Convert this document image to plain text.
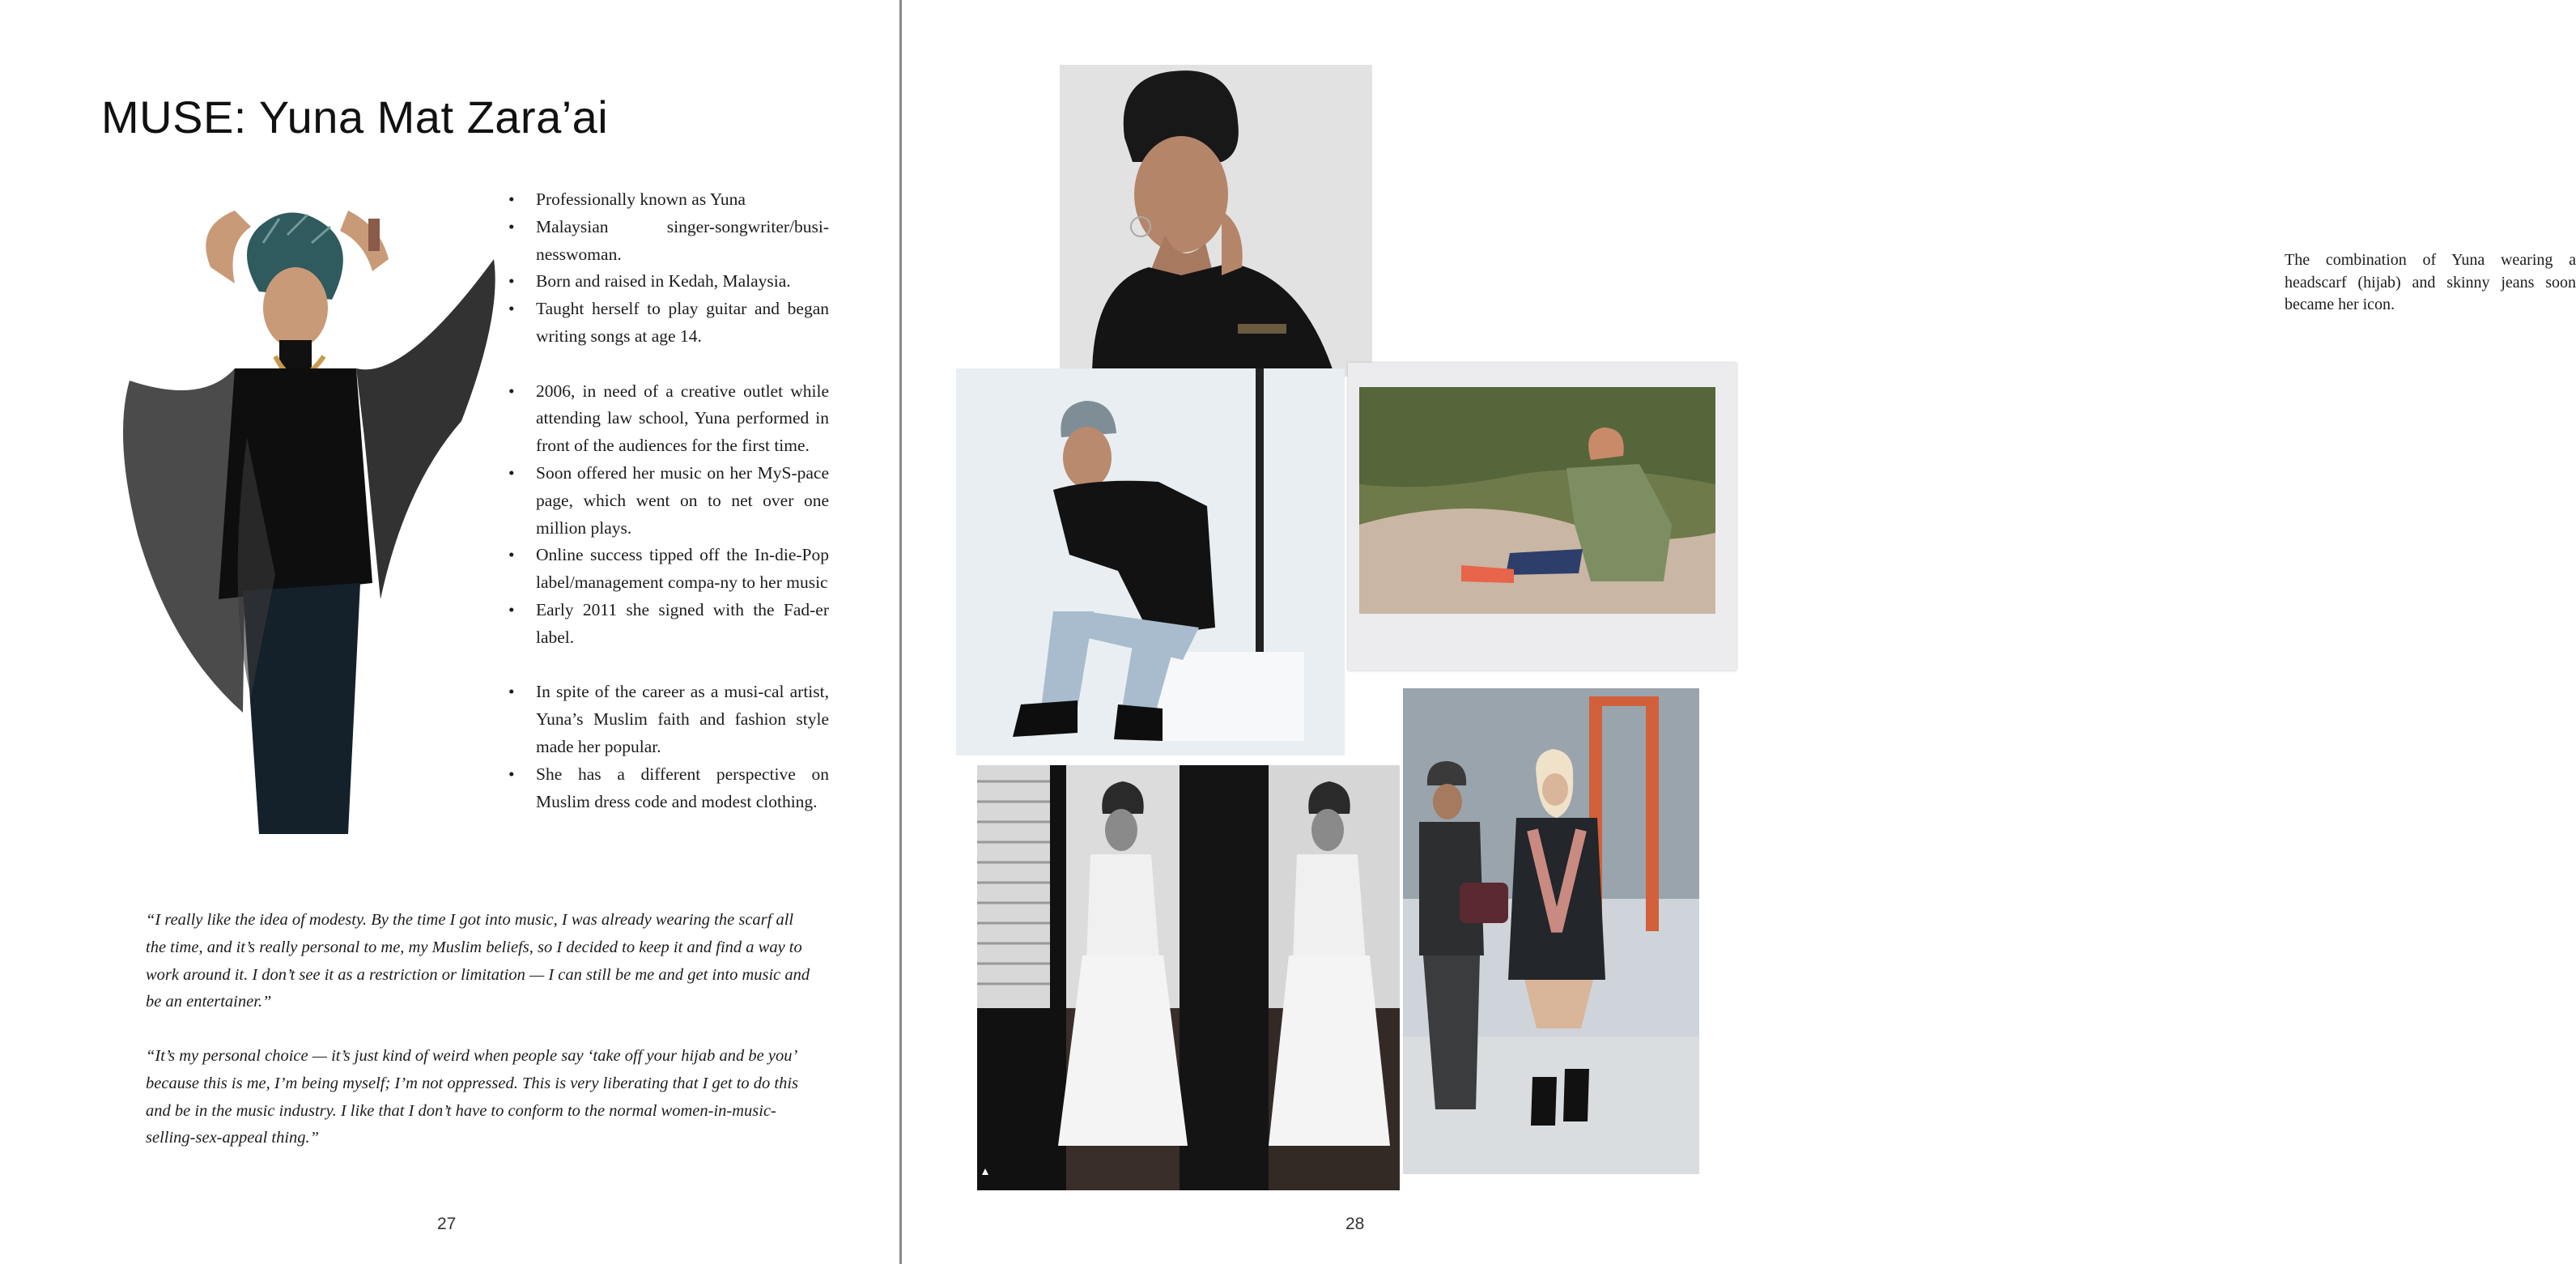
MUSE: Yuna Mat Zara’ai
• Professionally known as Yuna
• Malaysian singer-songwriter/busi-nesswoman.
• Born and raised in Kedah, Malaysia.
• Taught herself to play guitar and began writing songs at age 14.
• 2006, in need of a creative outlet while attending law school, Yuna performed in front of the audiences for the first time.
• Soon offered her music on her MyS-pace page, which went on to net over one million plays.
• Online success tipped off the In-die-Pop label/management compa-ny to her music
• Early 2011 she signed with the Fad-er label.
• In spite of the career as a musi-cal artist, Yuna’s Muslim faith and fashion style made her popular.
• She has a different perspective on Muslim dress code and modest clothing.

“I really like the idea of modesty. By the time I got into music, I was already wearing the scarf all the time, and it’s really personal to me, my Muslim beliefs, so I decided to keep it and find a way to work around it. I don’t see it as a restriction or limitation — I can still be me and get into music and be an entertainer.”

“It’s my personal choice — it’s just kind of weird when people say ‘take off your hijab and be you’ because this is me, I’m being myself; I’m not oppressed. This is very liberating that I get to do this and be in the music industry. I like that I don’t have to conform to the normal women-in-music-selling-sex-appeal thing.”

27
The combination of Yuna wearing a headscarf (hijab) and skinny jeans soon became her icon.
28
